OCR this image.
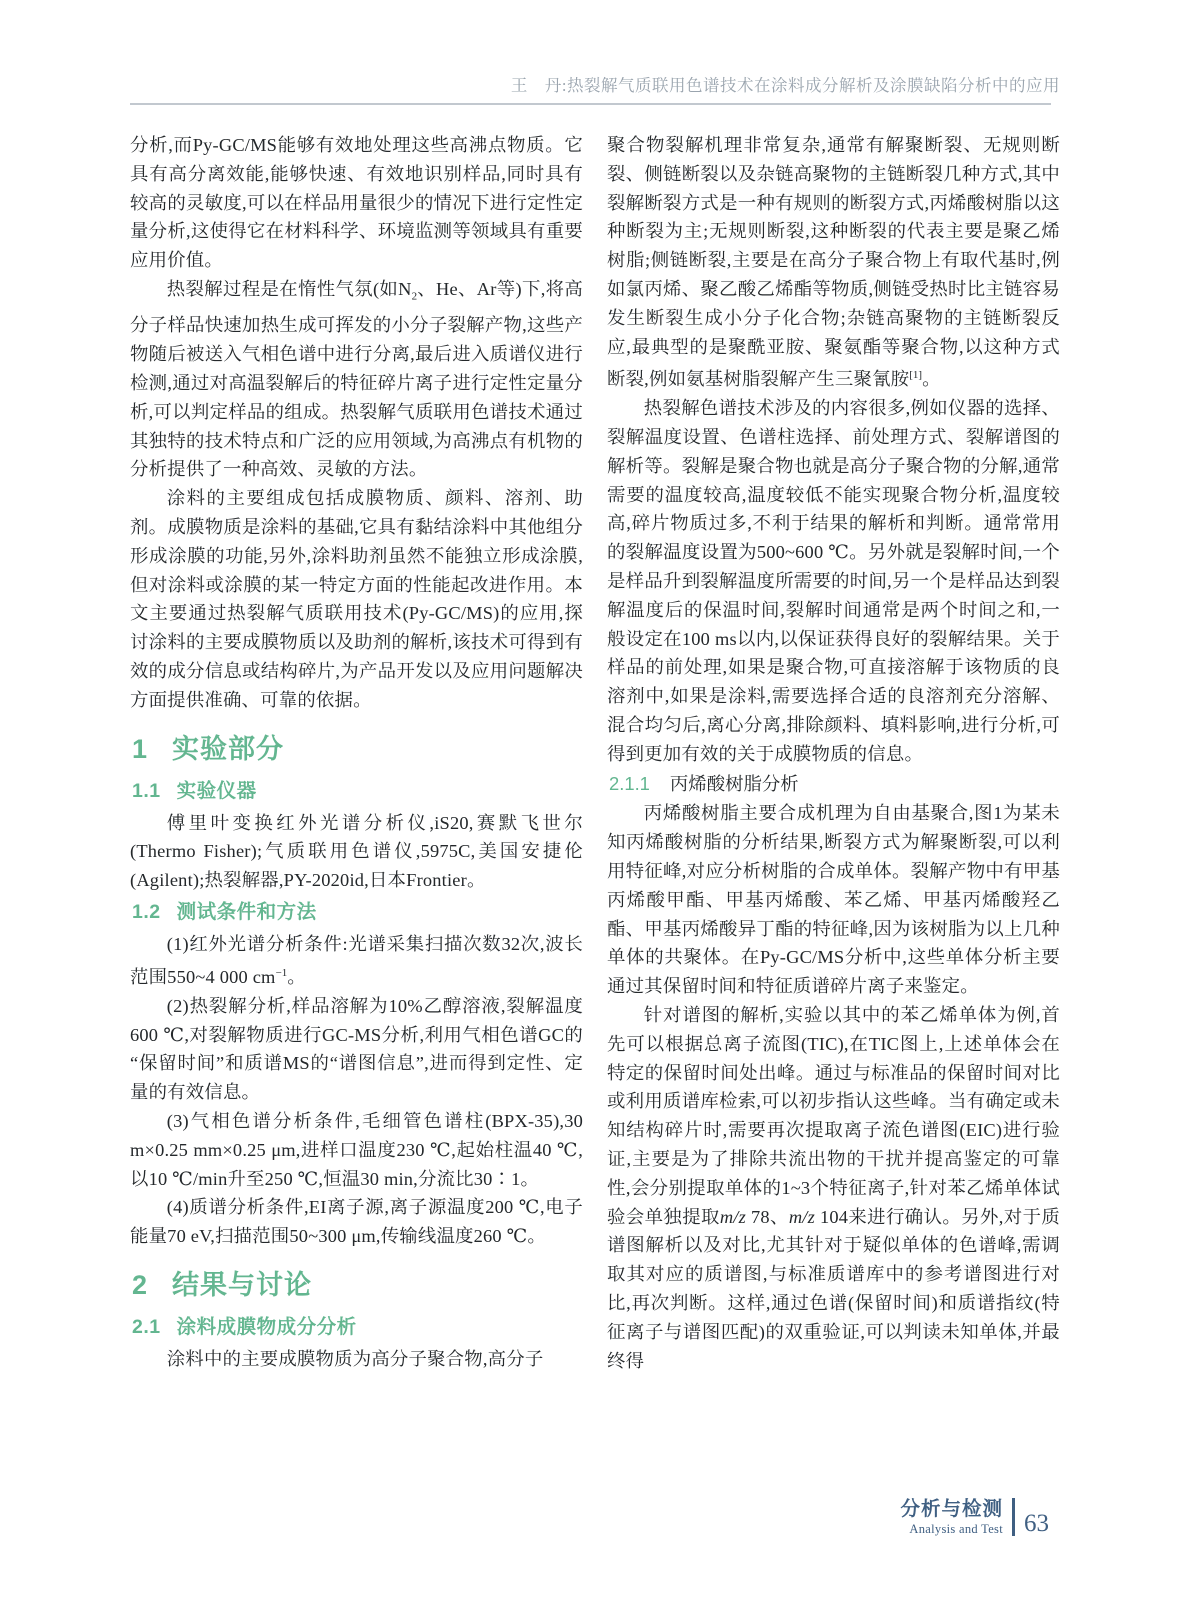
王　丹:热裂解气质联用色谱技术在涂料成分解析及涂膜缺陷分析中的应用

分析,而Py-GC/MS能够有效地处理这些高沸点物质。它具有高分离效能,能够快速、有效地识别样品,同时具有较高的灵敏度,可以在样品用量很少的情况下进行定性定量分析,这使得它在材料科学、环境监测等领域具有重要应用价值。

热裂解过程是在惰性气氛(如$N_2$、He、Ar等)下,将高分子样品快速加热生成可挥发的小分子裂解产物,这些产物随后被送入气相色谱中进行分离,最后进入质谱仪进行检测,通过对高温裂解后的特征碎片离子进行定性定量分析,可以判定样品的组成。热裂解气质联用色谱技术通过其独特的技术特点和广泛的应用领域,为高沸点有机物的分析提供了一种高效、灵敏的方法。

涂料的主要组成包括成膜物质、颜料、溶剂、助剂。成膜物质是涂料的基础,它具有黏结涂料中其他组分形成涂膜的功能,另外,涂料助剂虽然不能独立形成涂膜,但对涂料或涂膜的某一特定方面的性能起改进作用。本文主要通过热裂解气质联用技术(Py-GC/MS)的应用,探讨涂料的主要成膜物质以及助剂的解析,该技术可得到有效的成分信息或结构碎片,为产品开发以及应用问题解决方面提供准确、可靠的依据。

1 实验部分
1.1 实验仪器

傅里叶变换红外光谱分析仪,iS20,赛默飞世尔(Thermo Fisher);气质联用色谱仪,5975C,美国安捷伦(Agilent);热裂解器,PY-2020id,日本Frontier。

1.2 测试条件和方法

(1)红外光谱分析条件:光谱采集扫描次数32次,波长范围550~4 000 $cm^{-1}$。

(2)热裂解分析,样品溶解为10%乙醇溶液,裂解温度600 ℃,对裂解物质进行GC-MS分析,利用气相色谱GC的“保留时间”和质谱MS的“谱图信息”,进而得到定性、定量的有效信息。

(3)气相色谱分析条件,毛细管色谱柱(BPX-35),30 m×0.25 mm×0.25 μm,进样口温度230 ℃,起始柱温40 ℃,以10 ℃/min升至250 ℃,恒温30 min,分流比30∶1。

(4)质谱分析条件,EI离子源,离子源温度200 ℃,电子能量70 eV,扫描范围50~300 μm,传输线温度260 ℃。

2 结果与讨论
2.1 涂料成膜物成分分析

涂料中的主要成膜物质为高分子聚合物,高分子

聚合物裂解机理非常复杂,通常有解聚断裂、无规则断裂、侧链断裂以及杂链高聚物的主链断裂几种方式,其中裂解断裂方式是一种有规则的断裂方式,丙烯酸树脂以这种断裂为主;无规则断裂,这种断裂的代表主要是聚乙烯树脂;侧链断裂,主要是在高分子聚合物上有取代基时,例如氯丙烯、聚乙酸乙烯酯等物质,侧链受热时比主链容易发生断裂生成小分子化合物;杂链高聚物的主链断裂反应,最典型的是聚酰亚胺、聚氨酯等聚合物,以这种方式断裂,例如氨基树脂裂解产生三聚氰胺[1]。

热裂解色谱技术涉及的内容很多,例如仪器的选择、裂解温度设置、色谱柱选择、前处理方式、裂解谱图的解析等。裂解是聚合物也就是高分子聚合物的分解,通常需要的温度较高,温度较低不能实现聚合物分析,温度较高,碎片物质过多,不利于结果的解析和判断。通常常用的裂解温度设置为500~600 ℃。另外就是裂解时间,一个是样品升到裂解温度所需要的时间,另一个是样品达到裂解温度后的保温时间,裂解时间通常是两个时间之和,一般设定在100 ms以内,以保证获得良好的裂解结果。关于样品的前处理,如果是聚合物,可直接溶解于该物质的良溶剂中,如果是涂料,需要选择合适的良溶剂充分溶解、混合均匀后,离心分离,排除颜料、填料影响,进行分析,可得到更加有效的关于成膜物质的信息。

2.1.1 丙烯酸树脂分析

丙烯酸树脂主要合成机理为自由基聚合,图1为某未知丙烯酸树脂的分析结果,断裂方式为解聚断裂,可以利用特征峰,对应分析树脂的合成单体。裂解产物中有甲基丙烯酸甲酯、甲基丙烯酸、苯乙烯、甲基丙烯酸羟乙酯、甲基丙烯酸异丁酯的特征峰,因为该树脂为以上几种单体的共聚体。在Py-GC/MS分析中,这些单体分析主要通过其保留时间和特征质谱碎片离子来鉴定。

针对谱图的解析,实验以其中的苯乙烯单体为例,首先可以根据总离子流图(TIC),在TIC图上,上述单体会在特定的保留时间处出峰。通过与标准品的保留时间对比或利用质谱库检索,可以初步指认这些峰。当有确定或未知结构碎片时,需要再次提取离子流色谱图(EIC)进行验证,主要是为了排除共流出物的干扰并提高鉴定的可靠性,会分别提取单体的1~3个特征离子,针对苯乙烯单体试验会单独提取m/z 78、m/z 104来进行确认。另外,对于质谱图解析以及对比,尤其针对于疑似单体的色谱峰,需调取其对应的质谱图,与标准质谱库中的参考谱图进行对比,再次判断。这样,通过色谱(保留时间)和质谱指纹(特征离子与谱图匹配)的双重验证,可以判读未知单体,并最终得

分析与检测
Analysis and Test 63
